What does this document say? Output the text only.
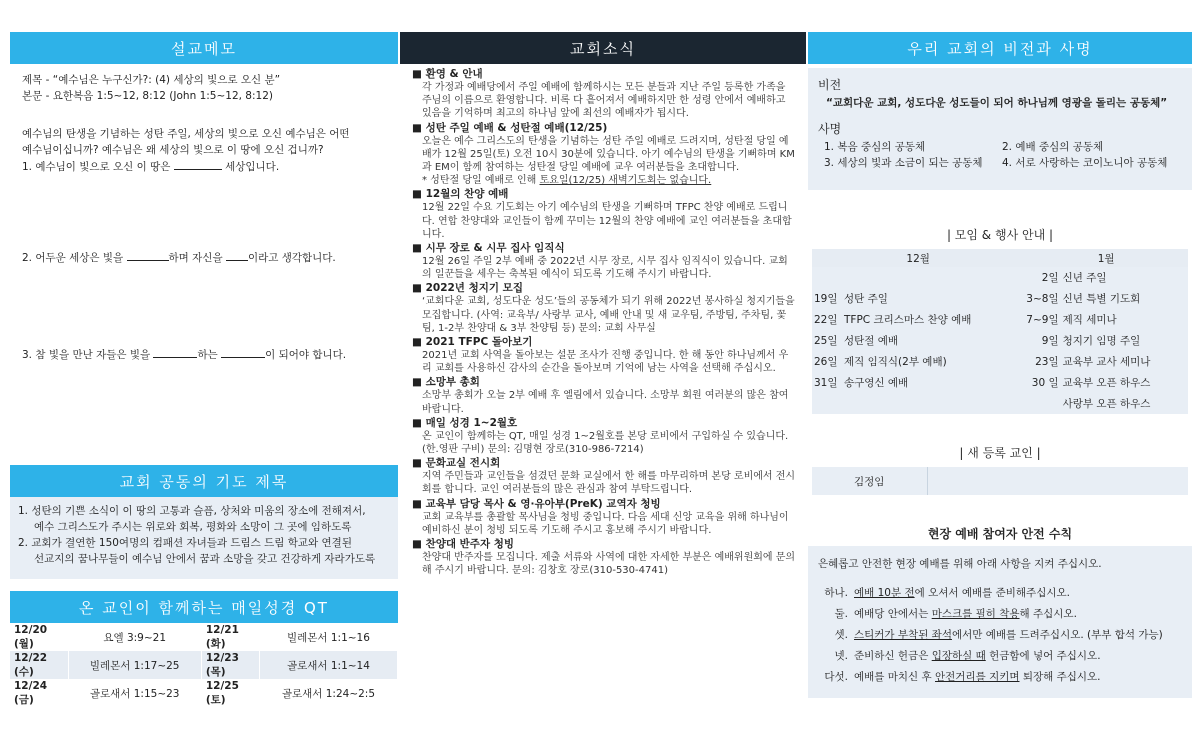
설교메모

제목 - “예수님은 누구신가?: (4) 세상의 빛으로 오신 분”

본문 - 요한복음 1:5~12, 8:12 (John 1:5~12, 8:12)

예수님의 탄생을 기념하는 성탄 주일, 세상의 빛으로 오신 예수님은 어떤

예수님이십니까? 예수님은 왜 세상의 빛으로 이 땅에 오신 겁니까?

1. 예수님이 빛으로 오신 이 땅은	세상입니다.

2. 어두운 세상은 빛을	하며 자신을 이라고 생각합니다.

3. 참 빛을 만난 자들은 빛을	하는	이 되어야 합니다.

교회 공동의 기도 제목

1. 성탄의 기쁜 소식이 이 땅의 고통과 슬픔, 상처와 미움의 장소에 전해져서,

예수 그리스도가 주시는 위로와 회복, 평화와 소망이 그 곳에 임하도록

2. 교회가 결연한 150여명의 컴패션 자녀들과 드림스 드림 학교와 연결된

선교지의 꿈나무들이 예수님 안에서 꿈과 소망을 갖고 건강하게 자라가도록

온 교인이 함께하는 매일성경 QT
12/20 (월)	요엘 3:9~21	12/21 (화)	빌레몬서 1:1~16
12/22 (수)	빌레몬서 1:17~25	12/23 (목)	골로새서 1:1~14
12/24 (금)	골로새서 1:15~23	12/25 (토)	골로새서 1:24~2:5
교회소식
■ 환영 & 안내
각 가정과 예배당에서 주일 예배에 함께하시는 모든 분들과 지난 주일 등록한 가족을 주님의 이름으로 환영합니다. 비록 다 흩어져서 예배하지만 한 성령 안에서 예배하고 있음을 기억하며 최고의 하나님 앞에 최선의 예배자가 됩시다.
■ 성탄 주일 예배 & 성탄절 예배(12/25)
오늘은 예수 그리스도의 탄생을 기념하는 성탄 주일 예배로 드려지며, 성탄절 당일 예배가 12월 25일(토) 오전 10시 30분에 있습니다. 아기 예수님의 탄생을 기뻐하며 KM과 EM이 함께 참여하는 성탄절 당일 예배에 교우 여러분들을 초대합니다.
* 성탄절 당일 예배로 인해 토요일(12/25) 새벽기도회는 없습니다.
■ 12월의 찬양 예배
12월 22일 수요 기도회는 아기 예수님의 탄생을 기뻐하며 TFPC 찬양 예배로 드립니다. 연합 찬양대와 교인들이 함께 꾸미는 12월의 찬양 예배에 교인 여러분들을 초대합니다.
■ 시무 장로 & 시무 집사 임직식
12월 26일 주일 2부 예배 중 2022년 시무 장로, 시무 집사 임직식이 있습니다. 교회의 일꾼들을 세우는 축복된 예식이 되도록 기도해 주시기 바랍니다.
■ 2022년 청지기 모집
‘교회다운 교회, 성도다운 성도’들의 공동체가 되기 위해 2022년 봉사하실 청지기들을 모집합니다. (사역: 교육부/ 사랑부 교사, 예배 안내 및 새 교우팀, 주방팀, 주차팀, 꽃팀, 1-2부 찬양대 & 3부 찬양팀 등) 문의: 교회 사무실
■ 2021 TFPC 돌아보기
2021년 교회 사역을 돌아보는 설문 조사가 진행 중입니다. 한 해 동안 하나님께서 우리 교회를 사용하신 감사의 순간을 돌아보며 기억에 남는 사역을 선택해 주십시오.
■ 소망부 총회
소망부 총회가 오늘 2부 예배 후 엘림에서 있습니다. 소망부 회원 여러분의 많은 참여 바랍니다.
■ 매일 성경 1~2월호
온 교인이 함께하는 QT, 매일 성경 1~2월호를 본당 로비에서 구입하실 수 있습니다. (한.영판 구비) 문의: 김명현 장로(310-986-7214)
■ 문화교실 전시회
지역 주민들과 교인들을 섬겼던 문화 교실에서 한 해를 마무리하며 본당 로비에서 전시회를 합니다. 교인 여러분들의 많은 관심과 참여 부탁드립니다.
■ 교육부 담당 목사 & 영·유아부(PreK) 교역자 청빙
교회 교육부를 총괄할 목사님을 청빙 중입니다. 다음 세대 신앙 교육을 위해 하나님이 예비하신 분이 청빙 되도록 기도해 주시고 홍보해 주시기 바랍니다.
■ 찬양대 반주자 청빙
찬양대 반주자를 모집니다. 제출 서류와 사역에 대한 자세한 부분은 예배위원회에 문의해 주시기 바랍니다. 문의: 김창호 장로(310-530-4741)
우리 교회의 비전과 사명
비전
“교회다운 교회, 성도다운 성도들이 되어 하나님께 영광을 돌리는 공동체”
사명
1. 복음 중심의 공동체	2. 예배 중심의 공동체
3. 세상의 빛과 소금이 되는 공동체	4. 서로 사랑하는 코이노니아 공동체
| 모임 & 행사 안내 |
12월		1월	
		2일	신년 주일
19일	성탄 주일	3~8일	신년 특별 기도회
22일	TFPC 크리스마스 찬양 예배	7~9일	제직 세미나
25일	성탄절 예배	9일	청지기 임명 주일
26일	제직 임직식(2부 예배)	23일	교육부 교사 세미나
31일	송구영신 예배	30 일	교육부 오픈 하우스
			사랑부 오픈 하우스
| 새 등록 교인 |
김정임
현장 예배 참여자 안전 수칙
은혜롭고 안전한 현장 예배를 위해 아래 사항을 지켜 주십시오.
하나. 예배 10분 전에 오셔서 예배를 준비해주십시오.
둘. 예배당 안에서는 마스크를 필히 착용해 주십시오.
셋. 스티커가 부착된 좌석에서만 예배를 드려주십시오. (부부 합석 가능)
넷. 준비하신 헌금은 입장하실 때 헌금함에 넣어 주십시오.
다섯. 예배를 마치신 후 안전거리를 지키며 퇴장해 주십시오.
